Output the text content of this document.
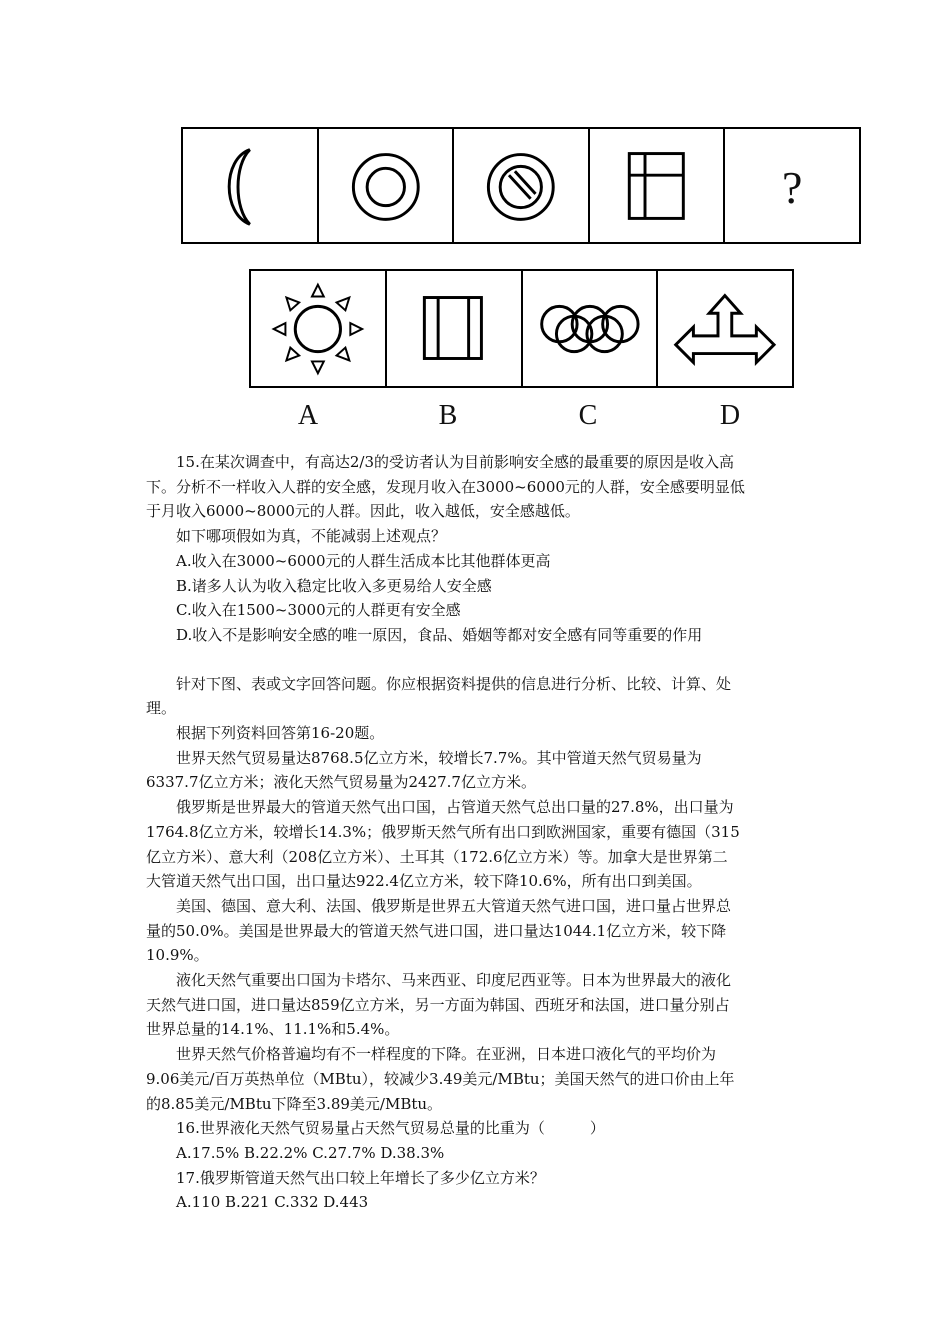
?
A	B	C	D

15.在某次调查中，有高达2/3的受访者认为目前影响安全感的最重要的原因是收入高

下。分析不一样收入人群的安全感，发现月收入在3000~6000元的人群，安全感要明显低

于月收入6000~8000元的人群。因此，收入越低，安全感越低。

如下哪项假如为真，不能减弱上述观点？

A.收入在3000~6000元的人群生活成本比其他群体更高

B.诸多人认为收入稳定比收入多更易给人安全感

C.收入在1500~3000元的人群更有安全感

D.收入不是影响安全感的唯一原因，食品、婚姻等都对安全感有同等重要的作用

针对下图、表或文字回答问题。你应根据资料提供的信息进行分析、比较、计算、处

理。

根据下列资料回答第16-20题。

世界天然气贸易量达8768.5亿立方米，较增长7.7%。其中管道天然气贸易量为

6337.7亿立方米；液化天然气贸易量为2427.7亿立方米。

俄罗斯是世界最大的管道天然气出口国，占管道天然气总出口量的27.8%，出口量为

1764.8亿立方米，较增长14.3%；俄罗斯天然气所有出口到欧洲国家，重要有德国（315

亿立方米）、意大利（208亿立方米）、土耳其（172.6亿立方米）等。加拿大是世界第二

大管道天然气出口国，出口量达922.4亿立方米，较下降10.6%，所有出口到美国。

美国、德国、意大利、法国、俄罗斯是世界五大管道天然气进口国，进口量占世界总

量的50.0%。美国是世界最大的管道天然气进口国，进口量达1044.1亿立方米，较下降

10.9%。

液化天然气重要出口国为卡塔尔、马来西亚、印度尼西亚等。日本为世界最大的液化

天然气进口国，进口量达859亿立方米，另一方面为韩国、西班牙和法国，进口量分别占

世界总量的14.1%、11.1%和5.4%。

世界天然气价格普遍均有不一样程度的下降。在亚洲，日本进口液化气的平均价为

9.06美元/百万英热单位（MBtu），较减少3.49美元/MBtu；美国天然气的进口价由上年

的8.85美元/MBtu下降至3.89美元/MBtu。

16.世界液化天然气贸易量占天然气贸易总量的比重为（　　　）

A.17.5% B.22.2% C.27.7% D.38.3%

17.俄罗斯管道天然气出口较上年增长了多少亿立方米？

A.110 B.221 C.332 D.443
